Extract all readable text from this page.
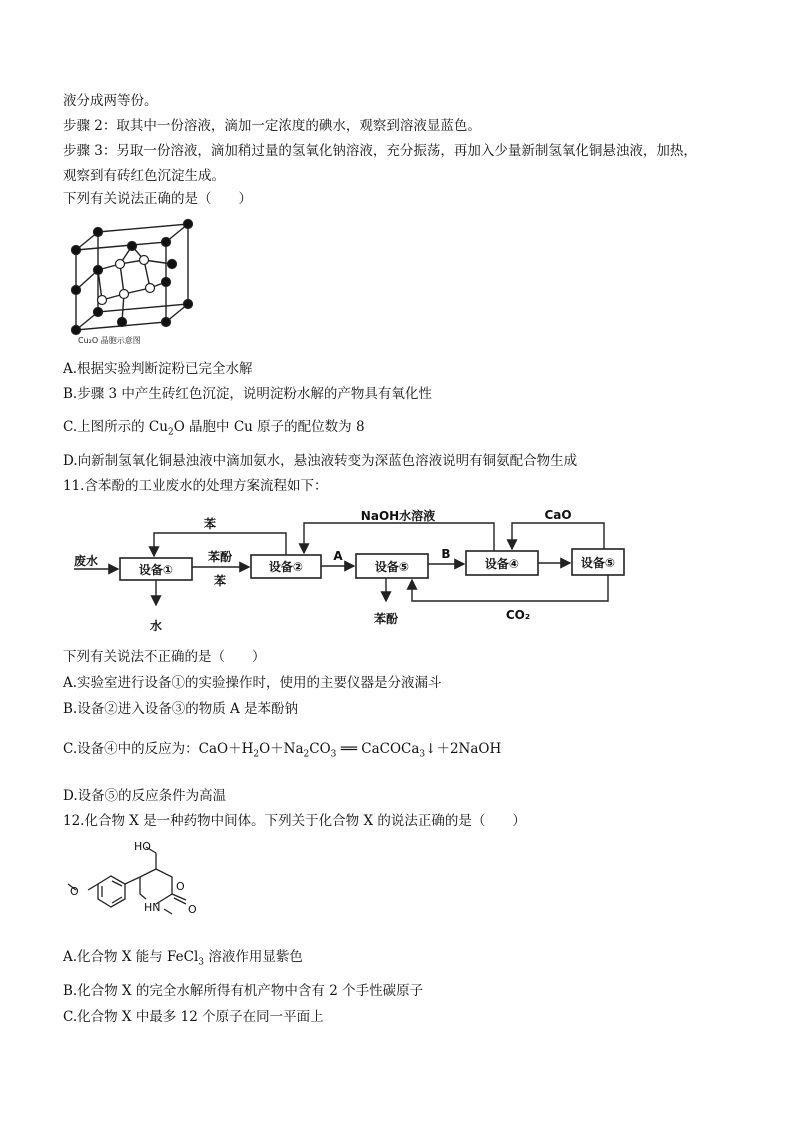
液分成两等份。
步骤 2：取其中一份溶液，滴加一定浓度的碘水，观察到溶液显蓝色。
步骤 3：另取一份溶液，滴加稍过量的氢氧化钠溶液，充分振荡，再加入少量新制氢氧化铜悬浊液，加热，
观察到有砖红色沉淀生成。
下列有关说法正确的是（　　）
Cu₂O 晶胞示意图
A.根据实验判断淀粉已完全水解
B.步骤 3 中产生砖红色沉淀，说明淀粉水解的产物具有氧化性
C.上图所示的 $Cu_2O$ 晶胞中 Cu 原子的配位数为 8
D.向新制氢氧化铜悬浊液中滴加氨水，悬浊液转变为深蓝色溶液说明有铜氨配合物生成
11.含苯酚的工业废水的处理方案流程如下：
设备①	设备②	设备⑤	设备④	设备⑤
废水	苯酚
苯
苯
水
A
NaOH水溶液
B
苯酚
CaO
CO₂
下列有关说法不正确的是（　　）
A.实验室进行设备①的实验操作时，使用的主要仪器是分液漏斗
B.设备②进入设备③的物质 A 是苯酚钠
C.设备④中的反应为：$CaO+H_2O+Na_2CO_3$ ══ CaCOCa$_3$↓＋2NaOH
D.设备⑤的反应条件为高温
12.化合物 X 是一种药物中间体。下列关于化合物 X 的说法正确的是（　　）
O
HO
HN
O
O
A.化合物 X 能与 FeCl$_3$ 溶液作用显紫色
B.化合物 X 的完全水解所得有机产物中含有 2 个手性碳原子
C.化合物 X 中最多 12 个原子在同一平面上
